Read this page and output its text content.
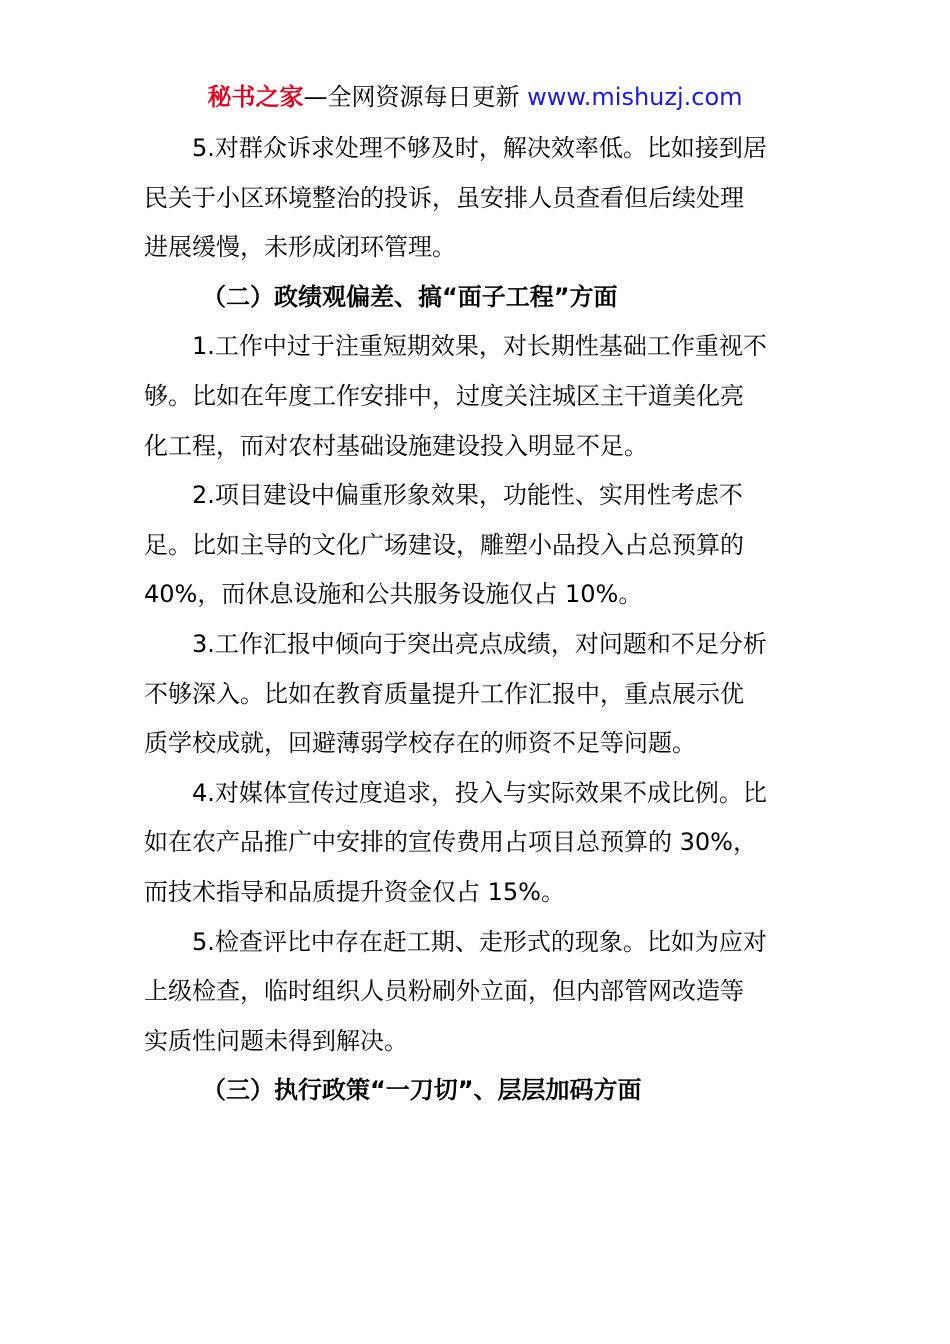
秘书之家—全网资源每日更新 www.mishuzj.com

5.对群众诉求处理不够及时，解决效率低。比如接到居
民关于小区环境整治的投诉，虽安排人员查看但后续处理
进展缓慢，未形成闭环管理。

（二）政绩观偏差、搞“面子工程”方面

1.工作中过于注重短期效果，对长期性基础工作重视不
够。比如在年度工作安排中，过度关注城区主干道美化亮
化工程，而对农村基础设施建设投入明显不足。

2.项目建设中偏重形象效果，功能性、实用性考虑不
足。比如主导的文化广场建设，雕塑小品投入占总预算的
40%，而休息设施和公共服务设施仅占 10%。

3.工作汇报中倾向于突出亮点成绩，对问题和不足分析
不够深入。比如在教育质量提升工作汇报中，重点展示优
质学校成就，回避薄弱学校存在的师资不足等问题。

4.对媒体宣传过度追求，投入与实际效果不成比例。比
如在农产品推广中安排的宣传费用占项目总预算的 30%，
而技术指导和品质提升资金仅占 15%。

5.检查评比中存在赶工期、走形式的现象。比如为应对
上级检查，临时组织人员粉刷外立面，但内部管网改造等
实质性问题未得到解决。

（三）执行政策“一刀切”、层层加码方面
